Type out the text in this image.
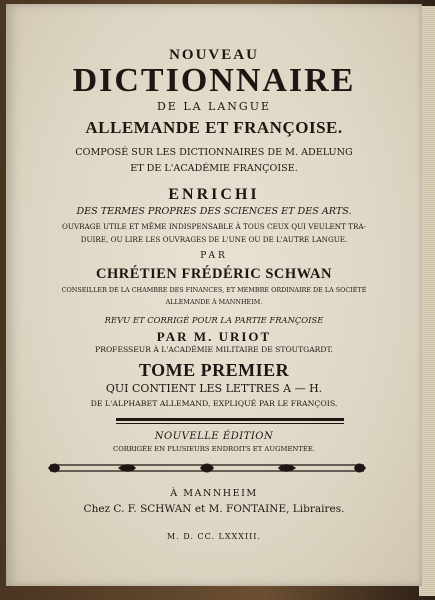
NOUVEAU
DICTIONNAIRE
DE LA LANGUE
ALLEMANDE ET FRANÇOISE.
COMPOSÉ SUR LES DICTIONNAIRES DE M. ADELUNG
ET DE L'ACADÉMIE FRANÇOISE.
ENRICHI
DES TERMES PROPRES DES SCIENCES ET DES ARTS.
OUVRAGE UTILE ET MÊME INDISPENSABLE À TOUS CEUX QUI VEULENT TRA-
DUIRE, OU LIRE LES OUVRAGES DE L'UNE OU DE L'AUTRE LANGUE.
PAR
CHRÉTIEN FRÉDÉRIC SCHWAN
CONSEILLER DE LA CHAMBRE DES FINANCES, ET MEMBRE ORDINAIRE DE LA SOCIÉTÉ
ALLEMANDE À MANNHEIM.
REVU ET CORRIGÉ POUR LA PARTIE FRANÇOISE
PAR M. URIOT
PROFESSEUR À L'ACADÉMIE MILITAIRE DE STOUTGARDT.
TOME PREMIER
QUI CONTIENT LES LETTRES A — H.
DE L'ALPHABET ALLEMAND, EXPLIQUÉ PAR LE FRANÇOIS.
NOUVELLE ÉDITION
CORRIGÉE EN PLUSIEURS ENDROITS ET AUGMENTÉE.
À MANNHEIM
Chez C. F. SCHWAN et M. FONTAINE, Libraires.
M. D. CC. LXXXIII.
